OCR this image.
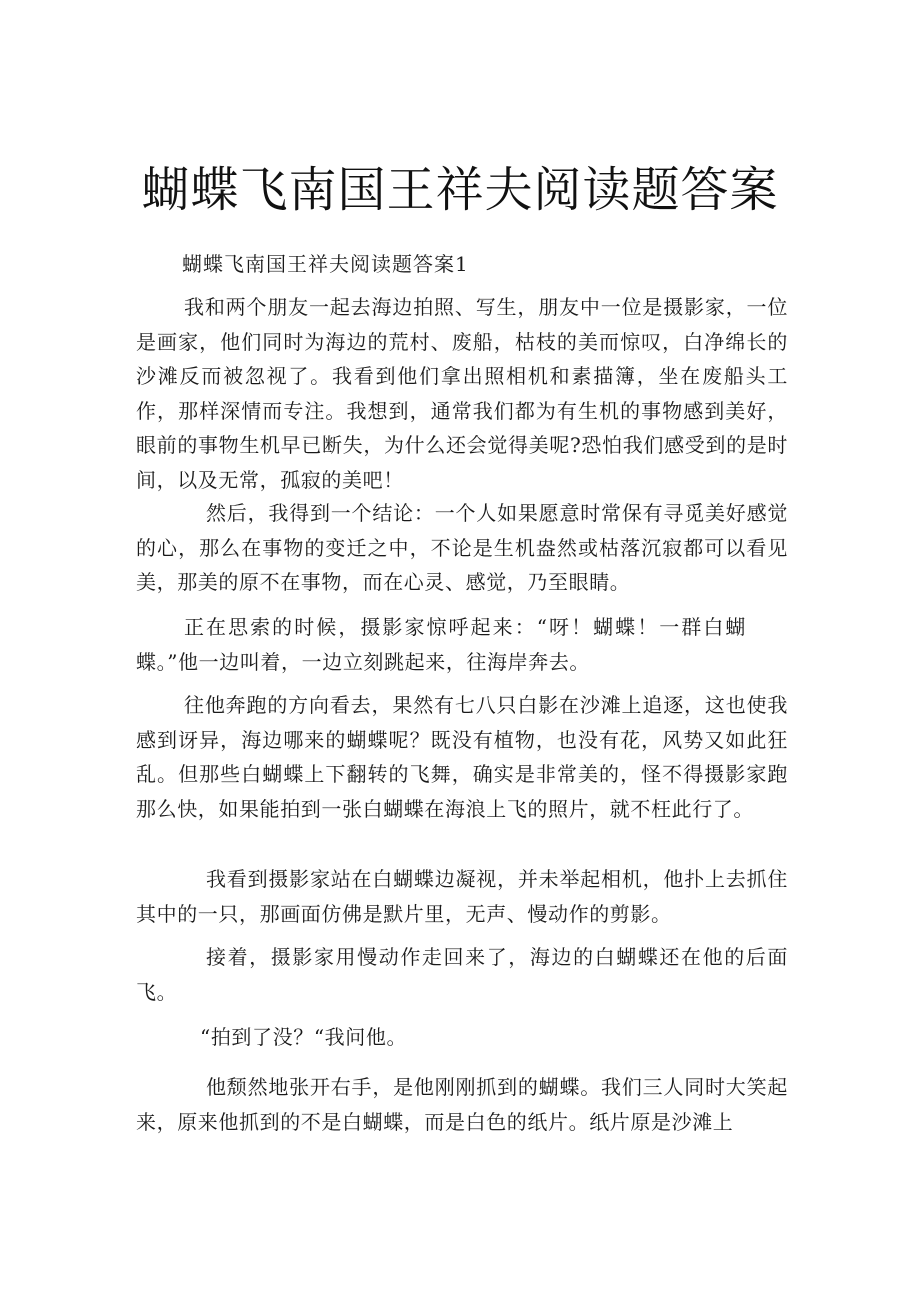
蝴蝶飞南国王祥夫阅读题答案
蝴蝶飞南国王祥夫阅读题答案1

我和两个朋友一起去海边拍照、写生，朋友中一位是摄影家，一位是画家，他们同时为海边的荒村、废船，枯枝的美而惊叹，白净绵长的沙滩反而被忽视了。我看到他们拿出照相机和素描簿，坐在废船头工作，那样深情而专注。我想到，通常我们都为有生机的事物感到美好，眼前的事物生机早已断失，为什么还会觉得美呢?恐怕我们感受到的是时间，以及无常，孤寂的美吧！

然后，我得到一个结论：一个人如果愿意时常保有寻觅美好感觉的心，那么在事物的变迁之中，不论是生机盎然或枯落沉寂都可以看见美，那美的原不在事物，而在心灵、感觉，乃至眼睛。

正在思索的时候，摄影家惊呼起来：“呀！蝴蝶！一群白蝴蝶。”他一边叫着，一边立刻跳起来，往海岸奔去。

往他奔跑的方向看去，果然有七八只白影在沙滩上追逐，这也使我感到讶异，海边哪来的蝴蝶呢？既没有植物，也没有花，风势又如此狂乱。但那些白蝴蝶上下翻转的飞舞，确实是非常美的，怪不得摄影家跑那么快，如果能拍到一张白蝴蝶在海浪上飞的照片，就不枉此行了。

我看到摄影家站在白蝴蝶边凝视，并未举起相机，他扑上去抓住其中的一只，那画面仿佛是默片里，无声、慢动作的剪影。

接着，摄影家用慢动作走回来了，海边的白蝴蝶还在他的后面飞。

“拍到了没？“我问他。

他颓然地张开右手，是他刚刚抓到的蝴蝶。我们三人同时大笑起来，原来他抓到的不是白蝴蝶，而是白色的纸片。纸片原是沙滩上
